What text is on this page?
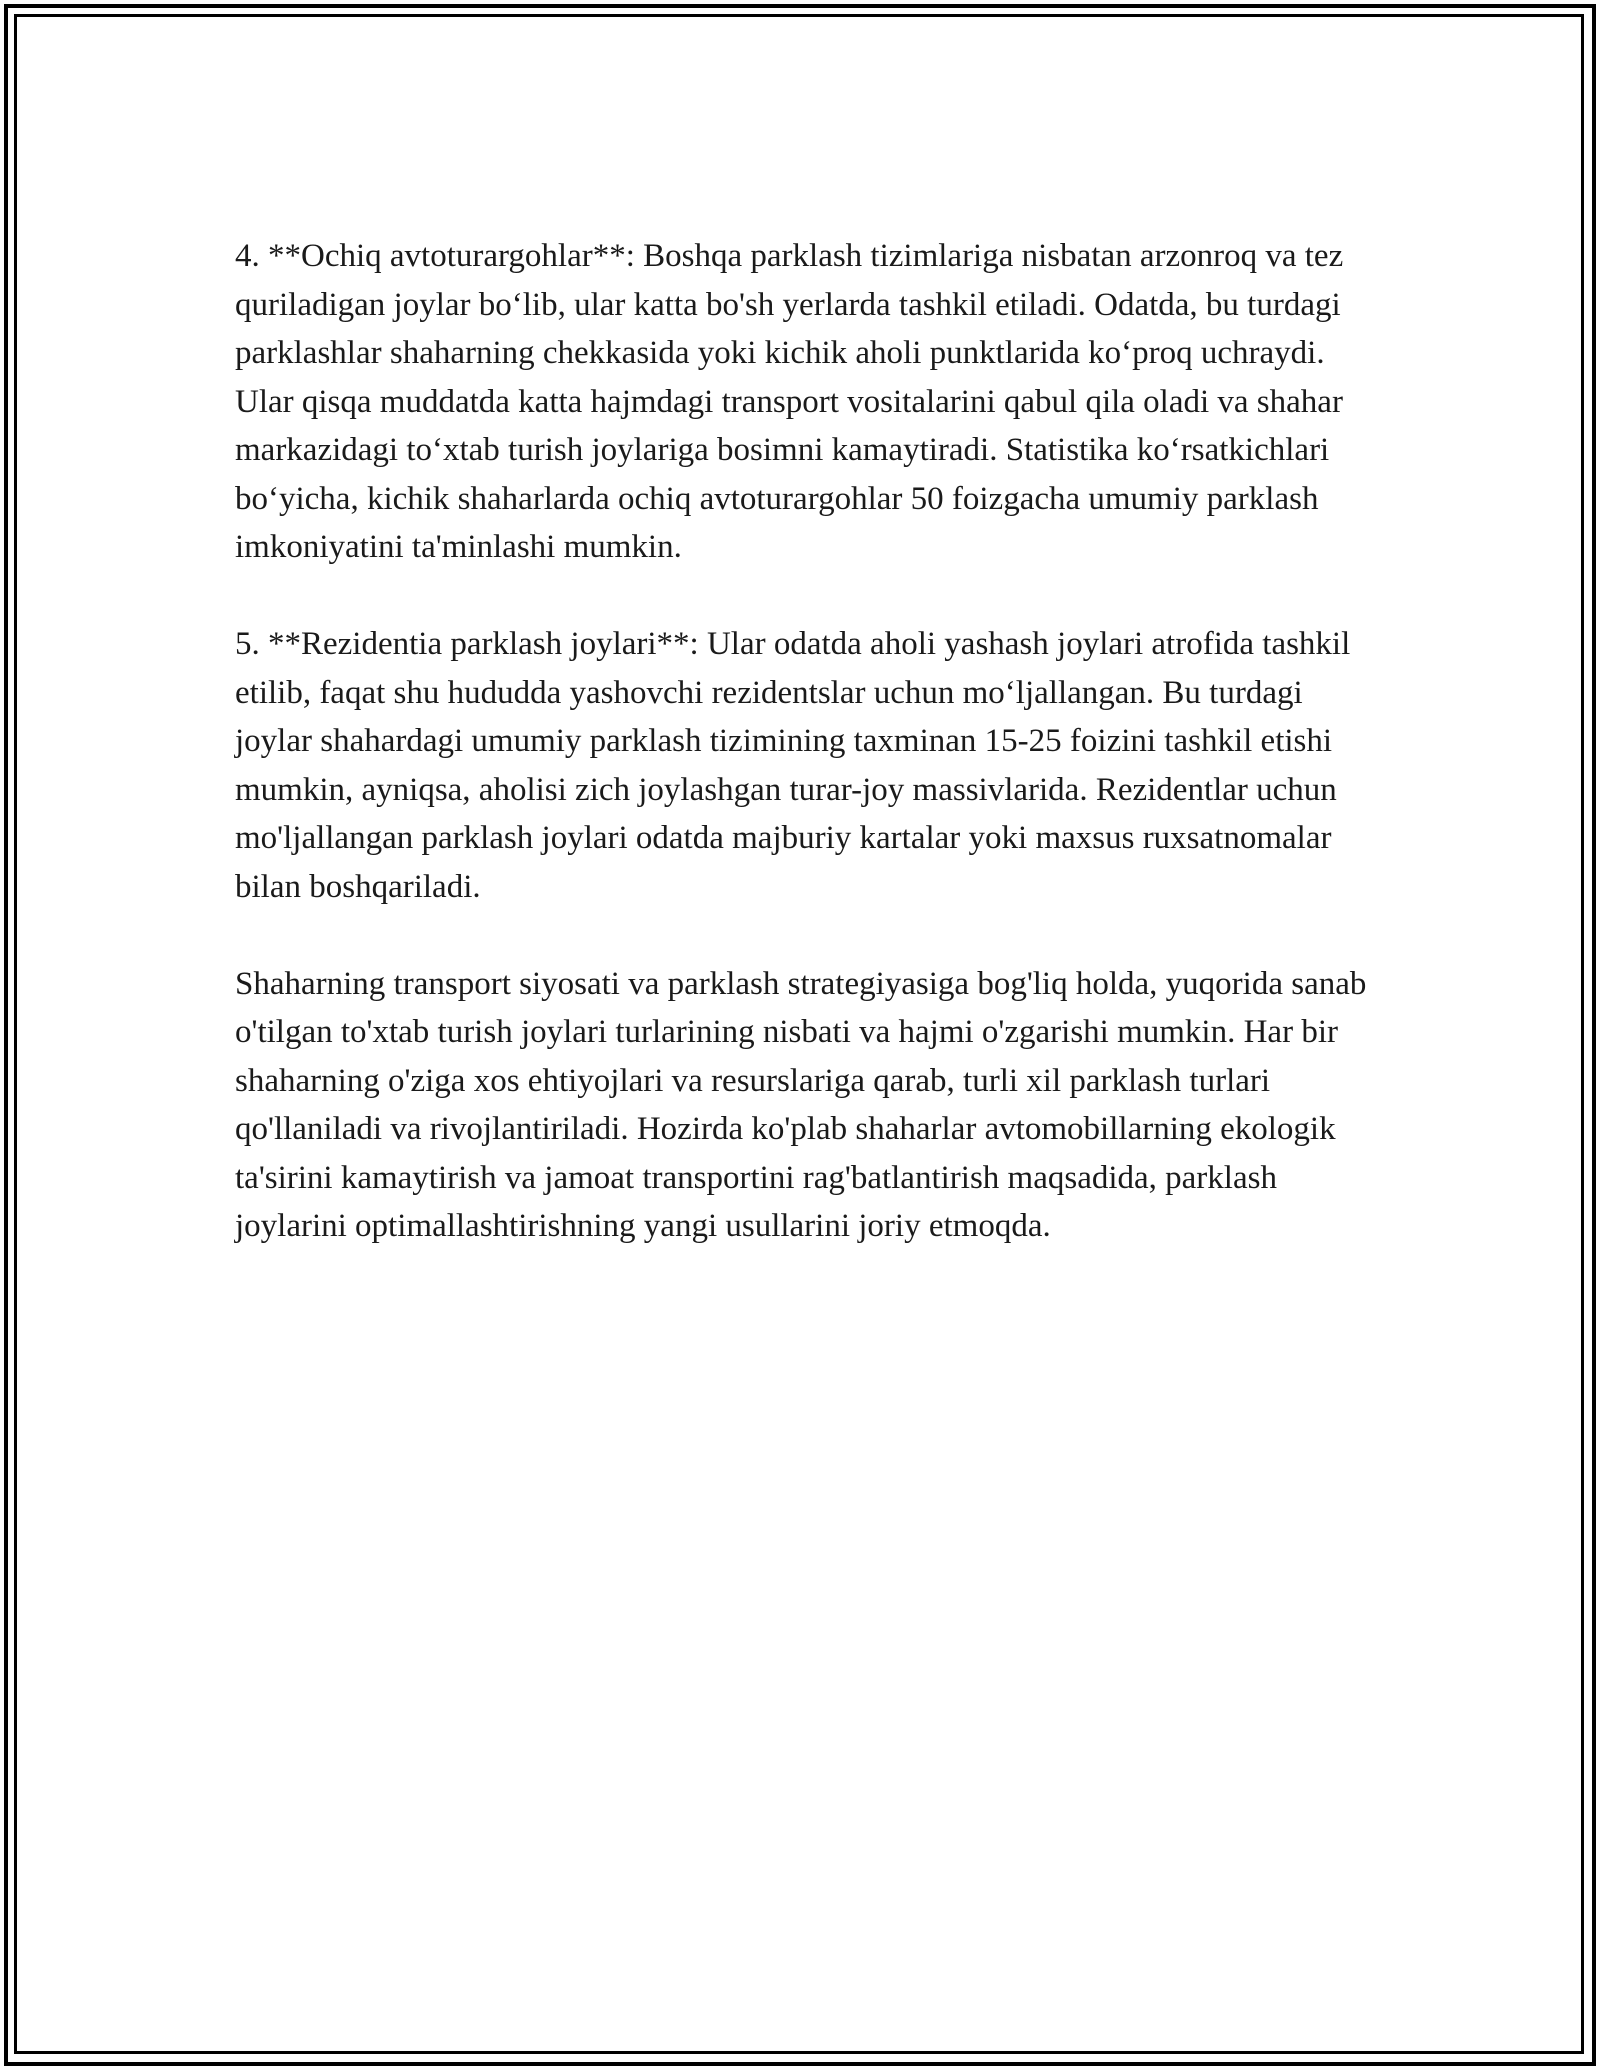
4. **Ochiq avtoturargohlar**: Boshqa parklash tizimlariga nisbatan arzonroq va tez quriladigan joylar bo‘lib, ular katta bo'sh yerlarda tashkil etiladi. Odatda, bu turdagi parklashlar shaharning chekkasida yoki kichik aholi punktlarida ko‘proq uchraydi. Ular qisqa muddatda katta hajmdagi transport vositalarini qabul qila oladi va shahar markazidagi to‘xtab turish joylariga bosimni kamaytiradi. Statistika ko‘rsatkichlari bo‘yicha, kichik shaharlarda ochiq avtoturargohlar 50 foizgacha umumiy parklash imkoniyatini ta'minlashi mumkin.

5. **Rezidentia parklash joylari**: Ular odatda aholi yashash joylari atrofida tashkil etilib, faqat shu hududda yashovchi rezidentslar uchun mo‘ljallangan. Bu turdagi joylar shahardagi umumiy parklash tizimining taxminan 15-25 foizini tashkil etishi mumkin, ayniqsa, aholisi zich joylashgan turar-joy massivlarida. Rezidentlar uchun mo'ljallangan parklash joylari odatda majburiy kartalar yoki maxsus ruxsatnomalar bilan boshqariladi.

Shaharning transport siyosati va parklash strategiyasiga bog'liq holda, yuqorida sanab o'tilgan to'xtab turish joylari turlarining nisbati va hajmi o'zgarishi mumkin. Har bir shaharning o'ziga xos ehtiyojlari va resurslariga qarab, turli xil parklash turlari qo'llaniladi va rivojlantiriladi. Hozirda ko'plab shaharlar avtomobillarning ekologik ta'sirini kamaytirish va jamoat transportini rag'batlantirish maqsadida, parklash joylarini optimallashtirishning yangi usullarini joriy etmoqda.
